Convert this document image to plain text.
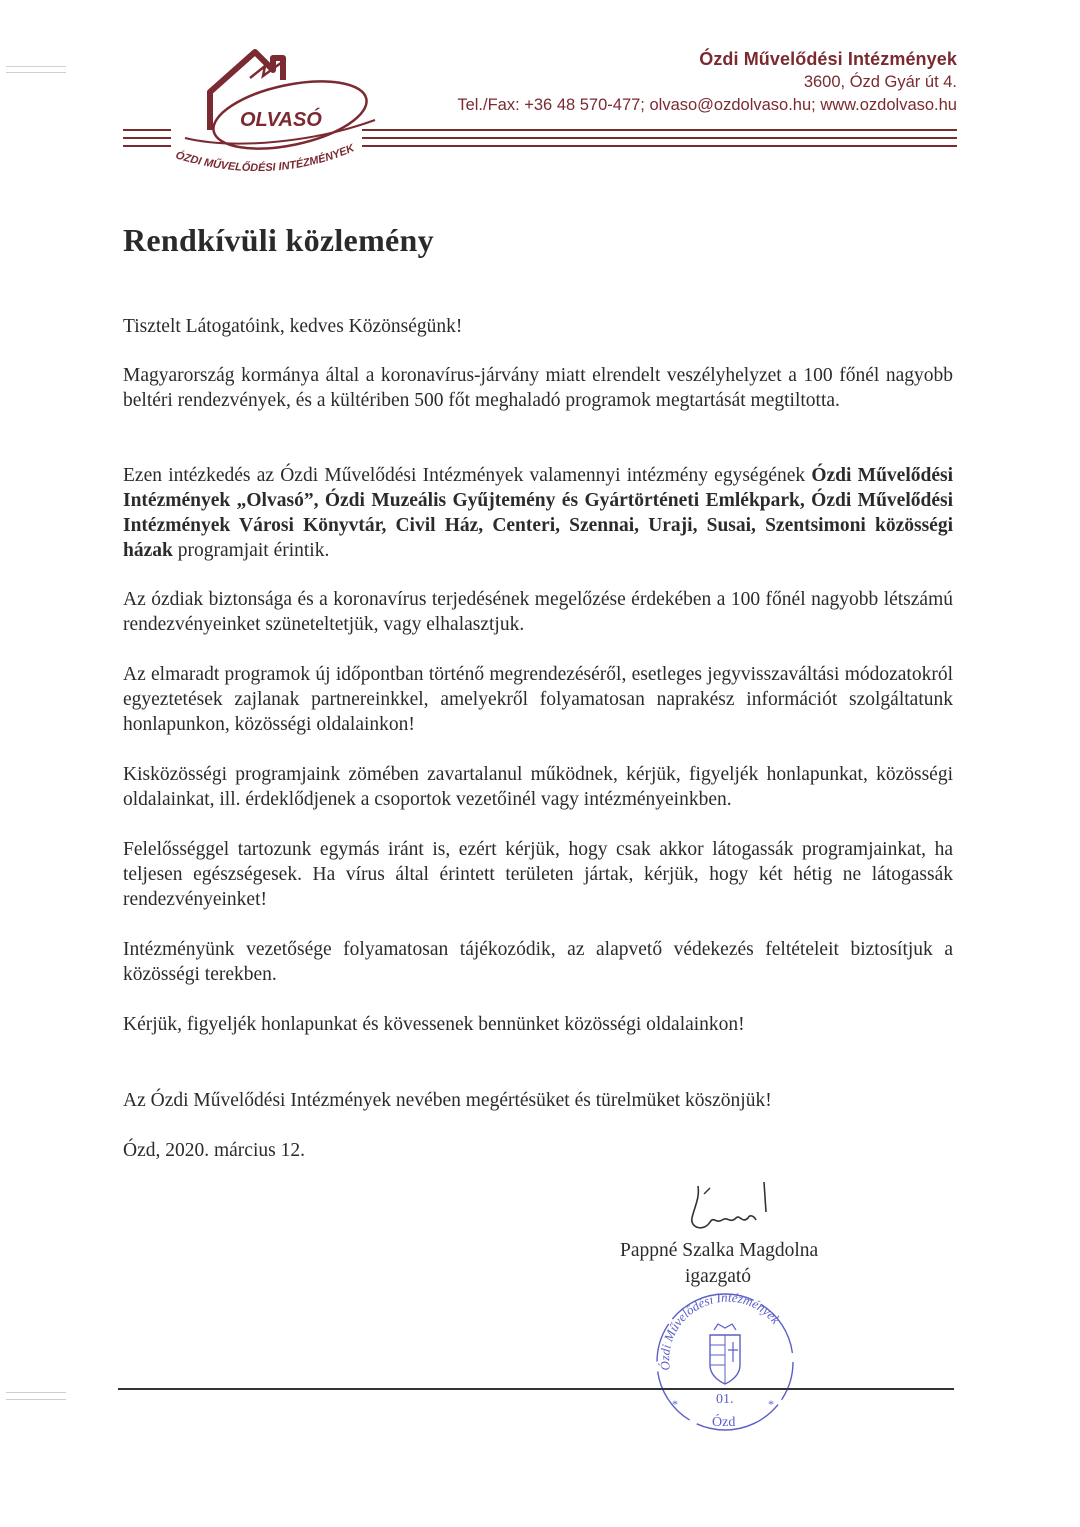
OLVASÓ
ÓZDI MŰVELŐDÉSI INTÉZMÉNYEK
Ózdi Művelődési Intézmények
3600, Ózd Gyár út 4.
Tel./Fax: +36 48 570-477; olvaso@ozdolvaso.hu; www.ozdolvaso.hu
Rendkívüli közlemény

Tisztelt Látogatóink, kedves Közönségünk!

Magyarország kormánya által a koronavírus-járvány miatt elrendelt veszélyhelyzet a 100 főnél nagyobb beltéri rendezvények, és a kültériben 500 főt meghaladó programok megtartását megtiltotta.

Ezen intézkedés az Ózdi Művelődési Intézmények valamennyi intézmény egységének Ózdi Művelődési Intézmények „Olvasó”, Ózdi Muzeális Gyűjtemény és Gyártörténeti Emlékpark, Ózdi Művelődési Intézmények Városi Könyvtár, Civil Ház, Centeri, Szennai, Uraji, Susai, Szentsimoni közösségi házak programjait érintik.

Az ózdiak biztonsága és a koronavírus terjedésének megelőzése érdekében a 100 főnél nagyobb létszámú rendezvényeinket szüneteltetjük, vagy elhalasztjuk.

Az elmaradt programok új időpontban történő megrendezéséről, esetleges jegyvisszaváltási módozatokról egyeztetések zajlanak partnereinkkel, amelyekről folyamatosan naprakész információt szolgáltatunk honlapunkon, közösségi oldalainkon!

Kisközösségi programjaink zömében zavartalanul működnek, kérjük, figyeljék honlapunkat, közösségi oldalainkat, ill. érdeklődjenek a csoportok vezetőinél vagy intézményeinkben.

Felelősséggel tartozunk egymás iránt is, ezért kérjük, hogy csak akkor látogassák programjainkat, ha teljesen egészségesek. Ha vírus által érintett területen jártak, kérjük, hogy két hétig ne látogassák rendezvényeinket!

Intézményünk vezetősége folyamatosan tájékozódik, az alapvető védekezés feltételeit biztosítjuk a közösségi terekben.

Kérjük, figyeljék honlapunkat és kövessenek bennünket közösségi oldalainkon!

Az Ózdi Művelődési Intézmények nevében megértésüket és türelmüket köszönjük!

Ózd, 2020. március 12.

Pappné Szalka Magdolna
igazgató
Ózdi Művelődési Intézmények
01.
Ózd
*	*
